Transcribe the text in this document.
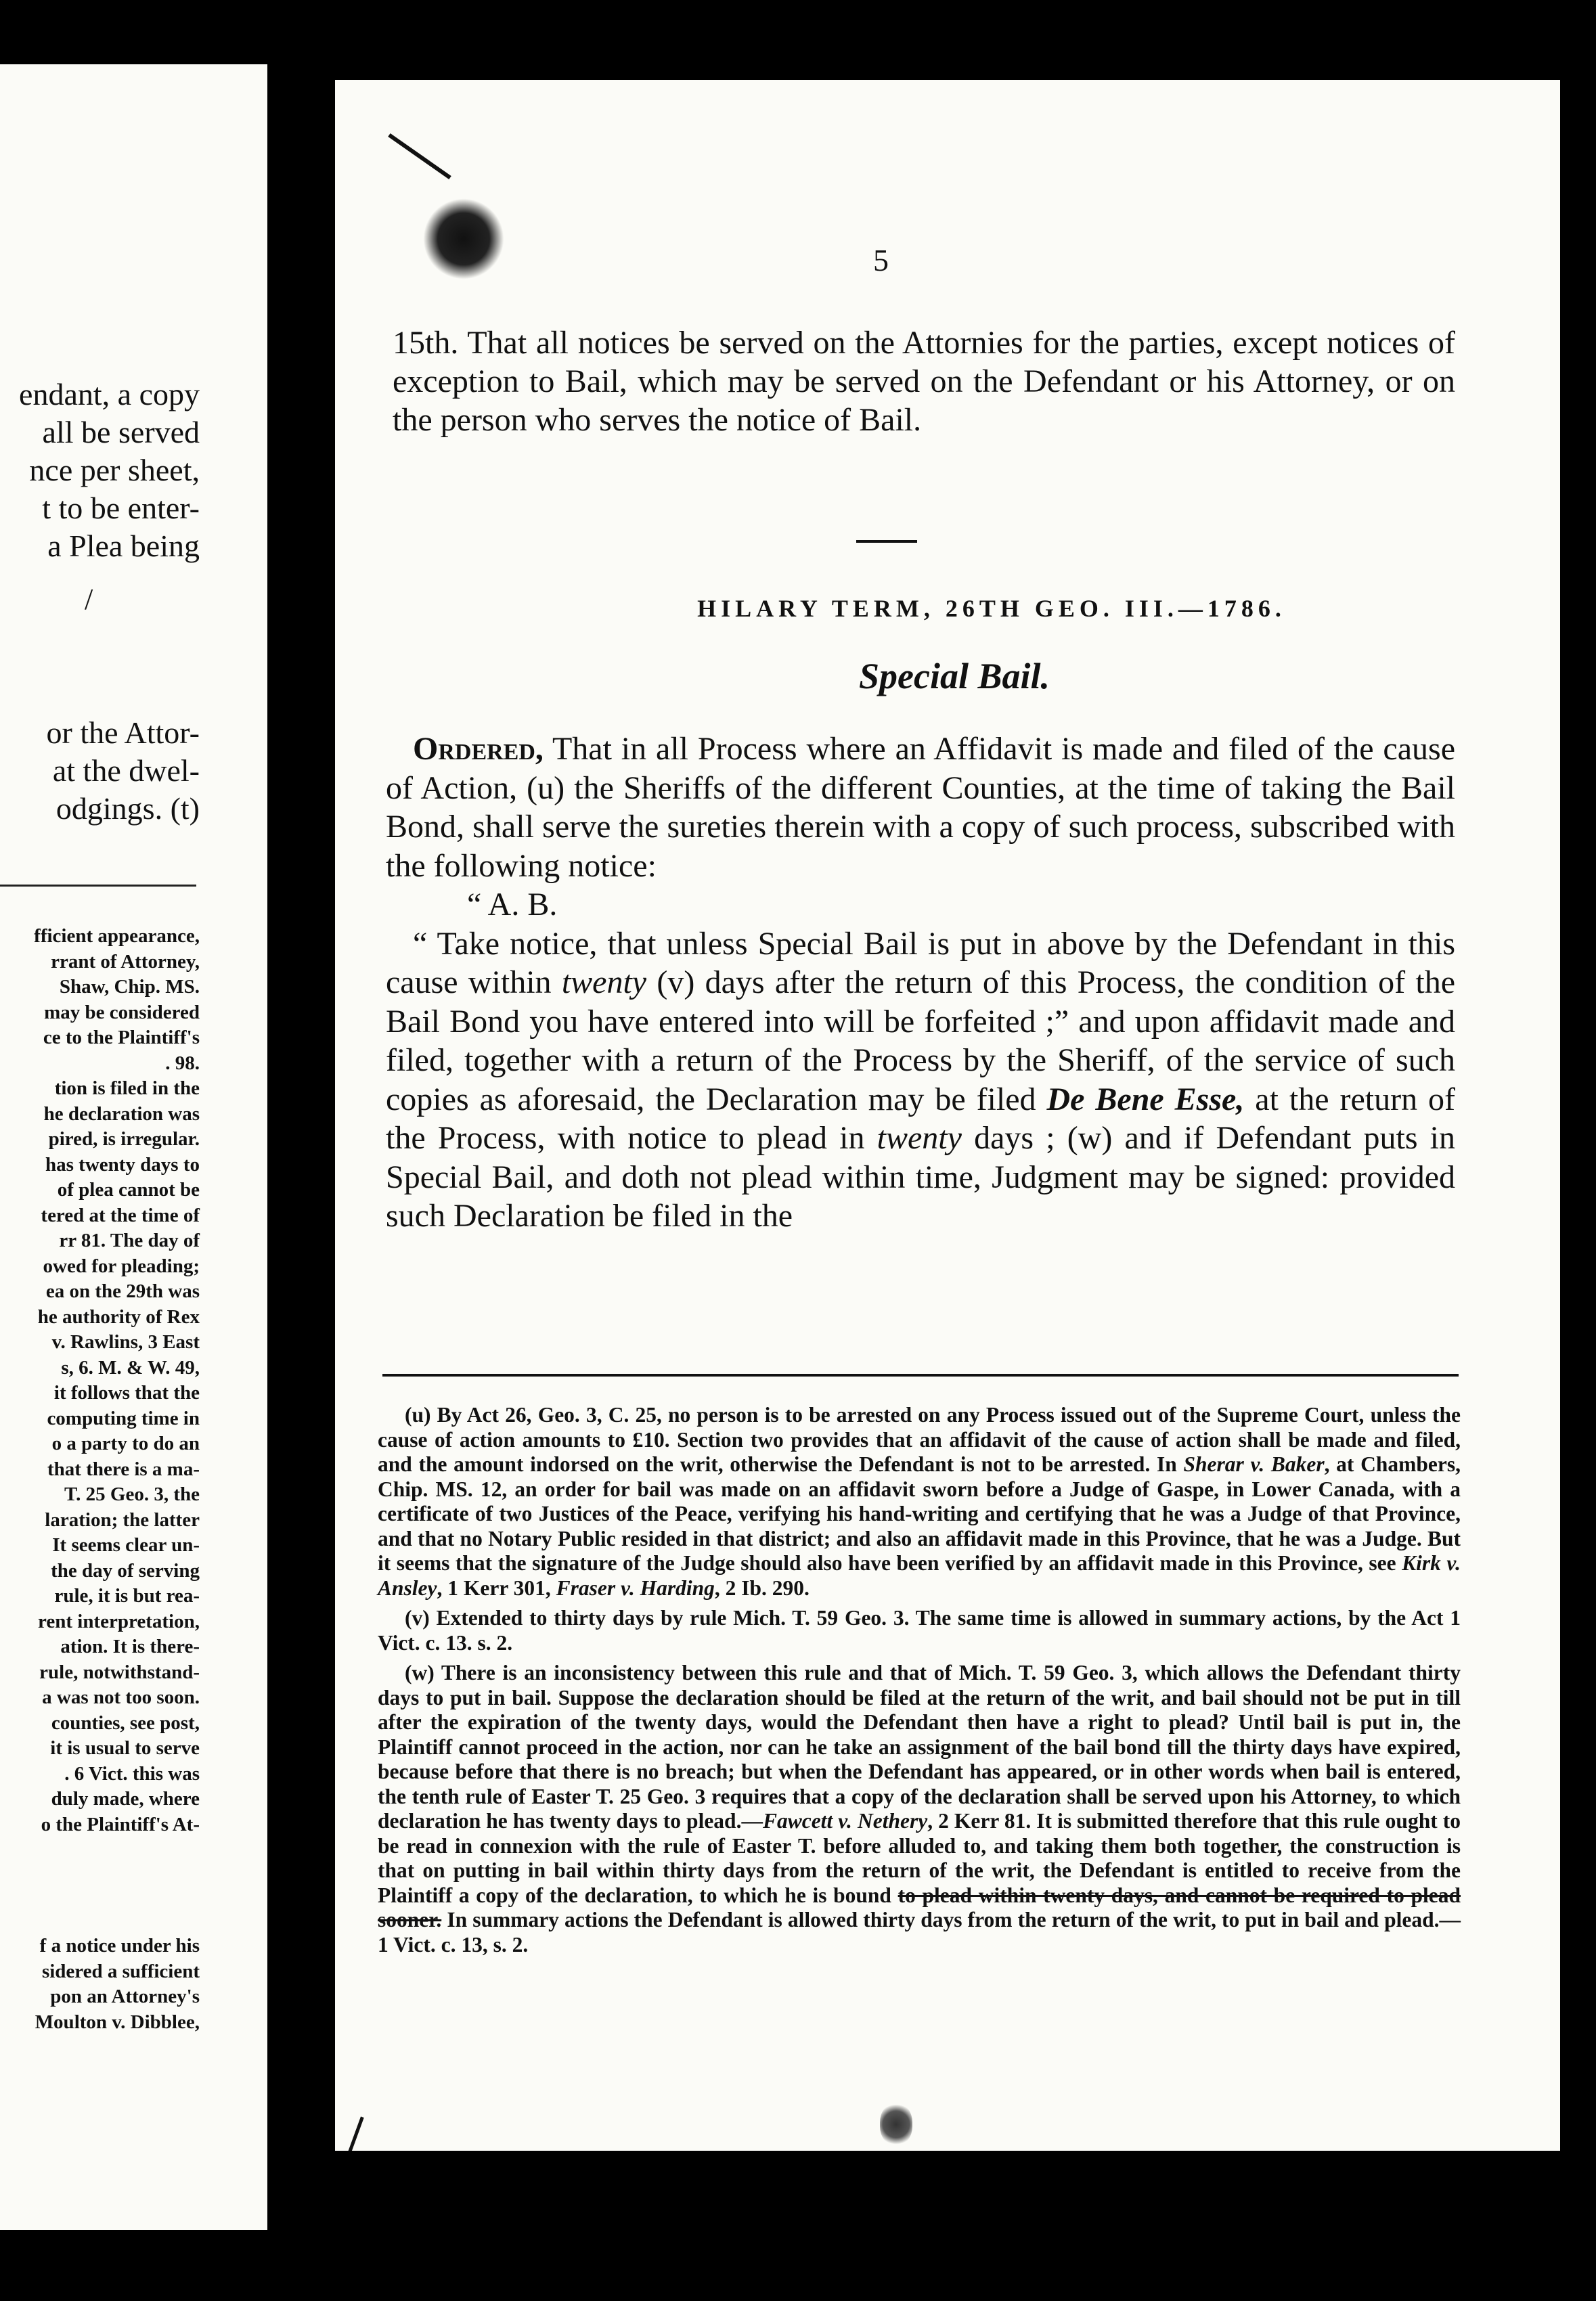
endant, a copy
all be served
nce per sheet,
t to be enter-
a Plea being
/
or the Attor-
at the dwel-
odgings. (t)
fficient appearance,
rrant of Attorney,
Shaw, Chip. MS.
may be considered
ce to the Plaintiff's
. 98.
tion is filed in the
he declaration was
pired, is irregular.
has twenty days to
of plea cannot be
tered at the time of
rr 81. The day of
owed for pleading;
ea on the 29th was
he authority of Rex
v. Rawlins, 3 East
s, 6. M. & W. 49,
it follows that the
computing time in
o a party to do an
that there is a ma-
T. 25 Geo. 3, the
laration; the latter
It seems clear un-
the day of serving
rule, it is but rea-
rent interpretation,
ation. It is there-
rule, notwithstand-
a was not too soon.
counties, see post,
it is usual to serve
. 6 Vict. this was
duly made, where
o the Plaintiff's At-
f a notice under his
sidered a sufficient
pon an Attorney's
Moulton v. Dibblee,
5
15th. That all notices be served on the Attornies for the parties, except notices of exception to Bail, which may be served on the Defendant or his Attorney, or on the person who serves the notice of Bail.
HILARY TERM, 26TH GEO. III.—1786.
Special Bail.

Ordered, That in all Process where an Affidavit is made and filed of the cause of Action, (u) the Sheriffs of the different Counties, at the time of taking the Bail Bond, shall serve the sureties therein with a copy of such process, subscribed with the following notice:

“ A. B.

“ Take notice, that unless Special Bail is put in above by the Defendant in this cause within twenty (v) days after the return of this Process, the condition of the Bail Bond you have entered into will be forfeited ;” and upon affidavit made and filed, together with a return of the Process by the Sheriff, of the service of such copies as aforesaid, the Declaration may be filed De Bene Esse, at the return of the Process, with notice to plead in twenty days ; (w) and if Defendant puts in Special Bail, and doth not plead within time, Judgment may be signed: provided such Declaration be filed in the

(u) By Act 26, Geo. 3, C. 25, no person is to be arrested on any Process issued out of the Supreme Court, unless the cause of action amounts to £10. Section two provides that an affidavit of the cause of action shall be made and filed, and the amount indorsed on the writ, otherwise the Defendant is not to be arrested. In Sherar v. Baker, at Chambers, Chip. MS. 12, an order for bail was made on an affidavit sworn before a Judge of Gaspe, in Lower Canada, with a certificate of two Justices of the Peace, verifying his hand-writing and certifying that he was a Judge of that Province, and that no Notary Public resided in that district; and also an affidavit made in this Province, that he was a Judge. But it seems that the signature of the Judge should also have been verified by an affidavit made in this Province, see Kirk v. Ansley, 1 Kerr 301, Fraser v. Harding, 2 Ib. 290.

(v) Extended to thirty days by rule Mich. T. 59 Geo. 3. The same time is allowed in summary actions, by the Act 1 Vict. c. 13. s. 2.

(w) There is an inconsistency between this rule and that of Mich. T. 59 Geo. 3, which allows the Defendant thirty days to put in bail. Suppose the declaration should be filed at the return of the writ, and bail should not be put in till after the expiration of the twenty days, would the Defendant then have a right to plead? Until bail is put in, the Plaintiff cannot proceed in the action, nor can he take an assignment of the bail bond till the thirty days have expired, because before that there is no breach; but when the Defendant has appeared, or in other words when bail is entered, the tenth rule of Easter T. 25 Geo. 3 requires that a copy of the declaration shall be served upon his Attorney, to which declaration he has twenty days to plead.—Fawcett v. Nethery, 2 Kerr 81. It is submitted therefore that this rule ought to be read in connexion with the rule of Easter T. before alluded to, and taking them both together, the construction is that on putting in bail within thirty days from the return of the writ, the Defendant is entitled to receive from the Plaintiff a copy of the declaration, to which he is bound to plead within twenty days, and cannot be required to plead sooner. In summary actions the Defendant is allowed thirty days from the return of the writ, to put in bail and plead.—1 Vict. c. 13, s. 2.
